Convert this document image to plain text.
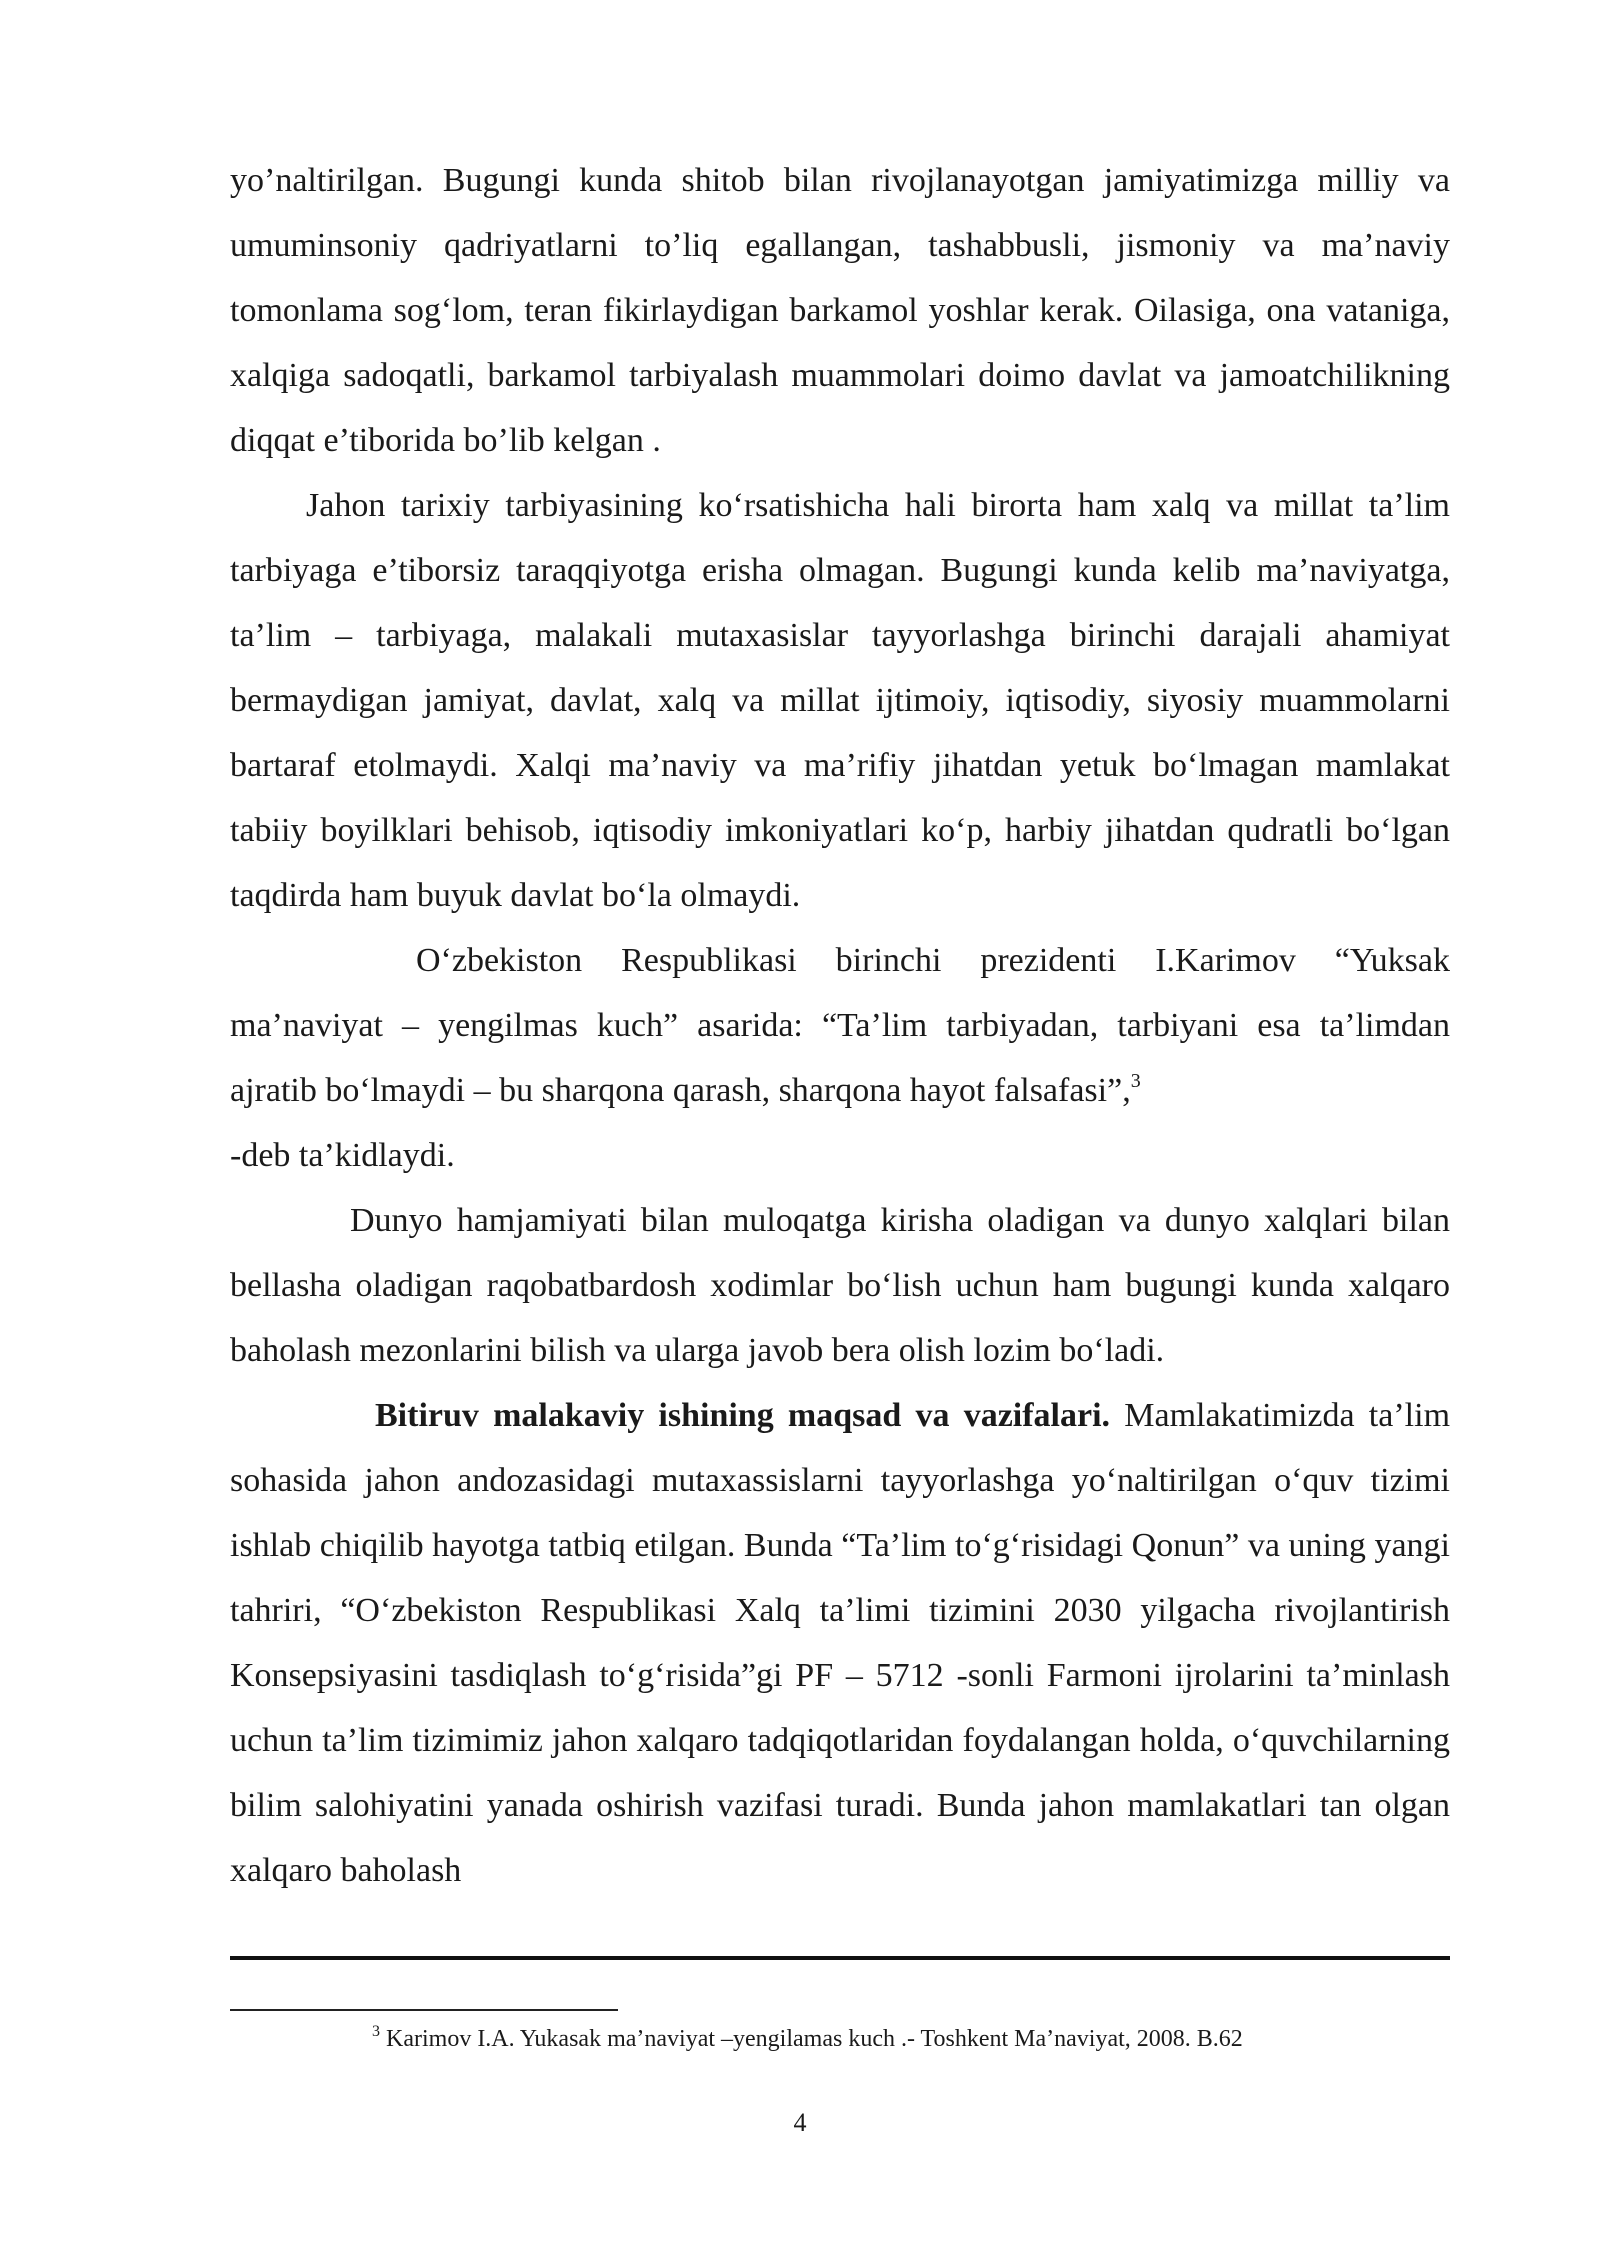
yo’naltirilgan. Bugungi kunda shitob bilan rivojlanayotgan jamiyatimizga milliy va umuminsoniy qadriyatlarni to’liq egallangan, tashabbusli, jismoniy va ma’naviy tomonlama sog‘lom, teran fikirlaydigan barkamol yoshlar kerak. Oilasiga, ona vataniga, xalqiga sadoqatli, barkamol tarbiyalash muammolari doimo davlat va jamoatchilikning diqqat e’tiborida bo’lib kelgan .

Jahon tarixiy tarbiyasining ko‘rsatishicha hali birorta ham xalq va millat ta’lim tarbiyaga e’tiborsiz taraqqiyotga erisha olmagan. Bugungi kunda kelib ma’naviyatga, ta’lim – tarbiyaga, malakali mutaxasislar tayyorlashga birinchi darajali ahamiyat bermaydigan jamiyat, davlat, xalq va millat ijtimoiy, iqtisodiy, siyosiy muammolarni bartaraf etolmaydi. Xalqi ma’naviy va ma’rifiy jihatdan yetuk bo‘lmagan mamlakat tabiiy boyilklari behisob, iqtisodiy imkoniyatlari ko‘p, harbiy jihatdan qudratli bo‘lgan taqdirda ham buyuk davlat bo‘la olmaydi.

O‘zbekiston Respublikasi birinchi prezidenti I.Karimov “Yuksak ma’naviyat – yengilmas kuch” asarida: “Ta’lim tarbiyadan, tarbiyani esa ta’limdan ajratib bo‘lmaydi – bu sharqona qarash, sharqona hayot falsafasi”,$^3$

-deb ta’kidlaydi.

Dunyo hamjamiyati bilan muloqatga kirisha oladigan va dunyo xalqlari bilan bellasha oladigan raqobatbardosh xodimlar bo‘lish uchun ham bugungi kunda xalqaro baholash mezonlarini bilish va ularga javob bera olish lozim bo‘ladi.

Bitiruv malakaviy ishining maqsad va vazifalari. Mamlakatimizda ta’lim sohasida jahon andozasidagi mutaxassislarni tayyorlashga yo‘naltirilgan o‘quv tizimi ishlab chiqilib hayotga tatbiq etilgan. Bunda “Ta’lim to‘g‘risidagi Qonun” va uning yangi tahriri, “O‘zbekiston Respublikasi Xalq ta’limi tizimini 2030 yilgacha rivojlantirish Konsepsiyasini tasdiqlash to‘g‘risida”gi PF – 5712 -sonli Farmoni ijrolarini ta’minlash uchun ta’lim tizimimiz jahon xalqaro tadqiqotlaridan foydalangan holda, o‘quvchilarning bilim salohiyatini yanada oshirish vazifasi turadi. Bunda jahon mamlakatlari tan olgan xalqaro baholash

$^3$ Karimov I.A. Yukasak ma’naviyat –yengilamas kuch .- Toshkent Ma’naviyat, 2008. B.62
4
